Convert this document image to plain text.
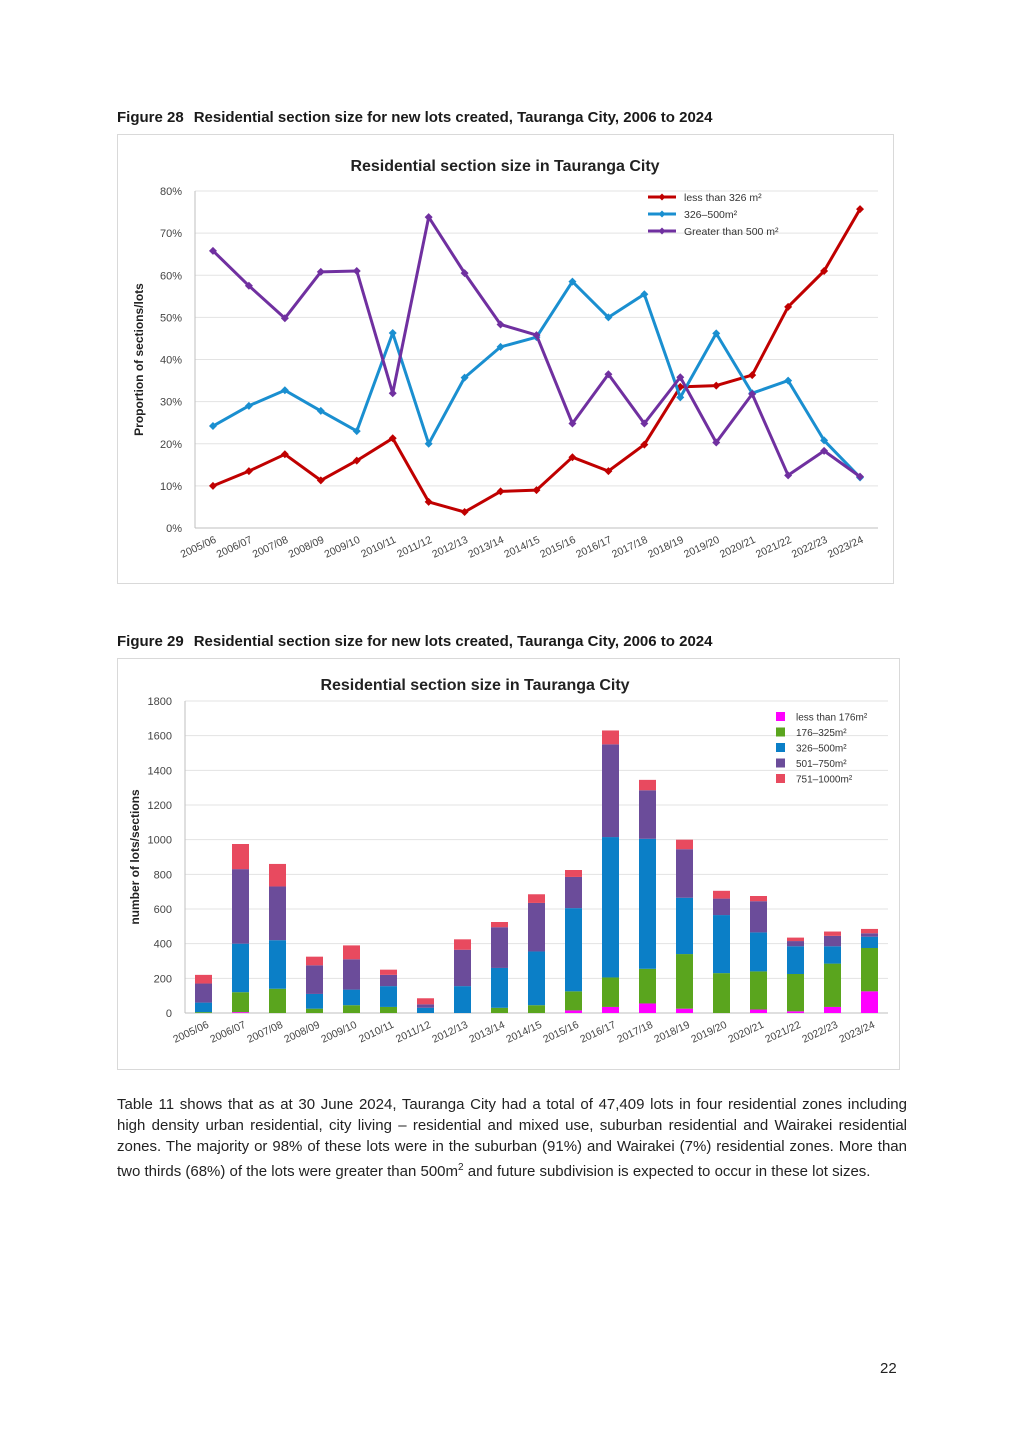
Figure 28 Residential section size for new lots created, Tauranga City, 2006 to 2024
Residential section size in Tauranga City
0%
10%
20%
30%
40%
50%
60%
70%
80%
Proportion of sections/lots
2005/06
2006/07
2007/08
2008/09
2009/10
2010/11
2011/12
2012/13
2013/14
2014/15
2015/16
2016/17
2017/18
2018/19
2019/20
2020/21
2021/22
2022/23
2023/24
less than 326 m²
326–500m²
Greater than 500 m²
Figure 29 Residential section size for new lots created, Tauranga City, 2006 to 2024
Residential section size in Tauranga City
0
200
400
600
800
1000
1200
1400
1600
1800
number of lots/sections
2005/06
2006/07
2007/08
2008/09
2009/10
2010/11
2011/12
2012/13
2013/14
2014/15
2015/16
2016/17
2017/18
2018/19
2019/20
2020/21
2021/22
2022/23
2023/24
less than 176m²
176–325m²
326–500m²
501–750m²
751–1000m²
Table 11 shows that as at 30 June 2024, Tauranga City had a total of 47,409 lots in four residential zones including high density urban residential, city living – residential and mixed use, suburban residential and Wairakei residential zones. The majority or 98% of these lots were in the suburban (91%) and Wairakei (7%) residential zones. More than two thirds (68%) of the lots were greater than $500m^2$ and future subdivision is expected to occur in these lot sizes.
22
